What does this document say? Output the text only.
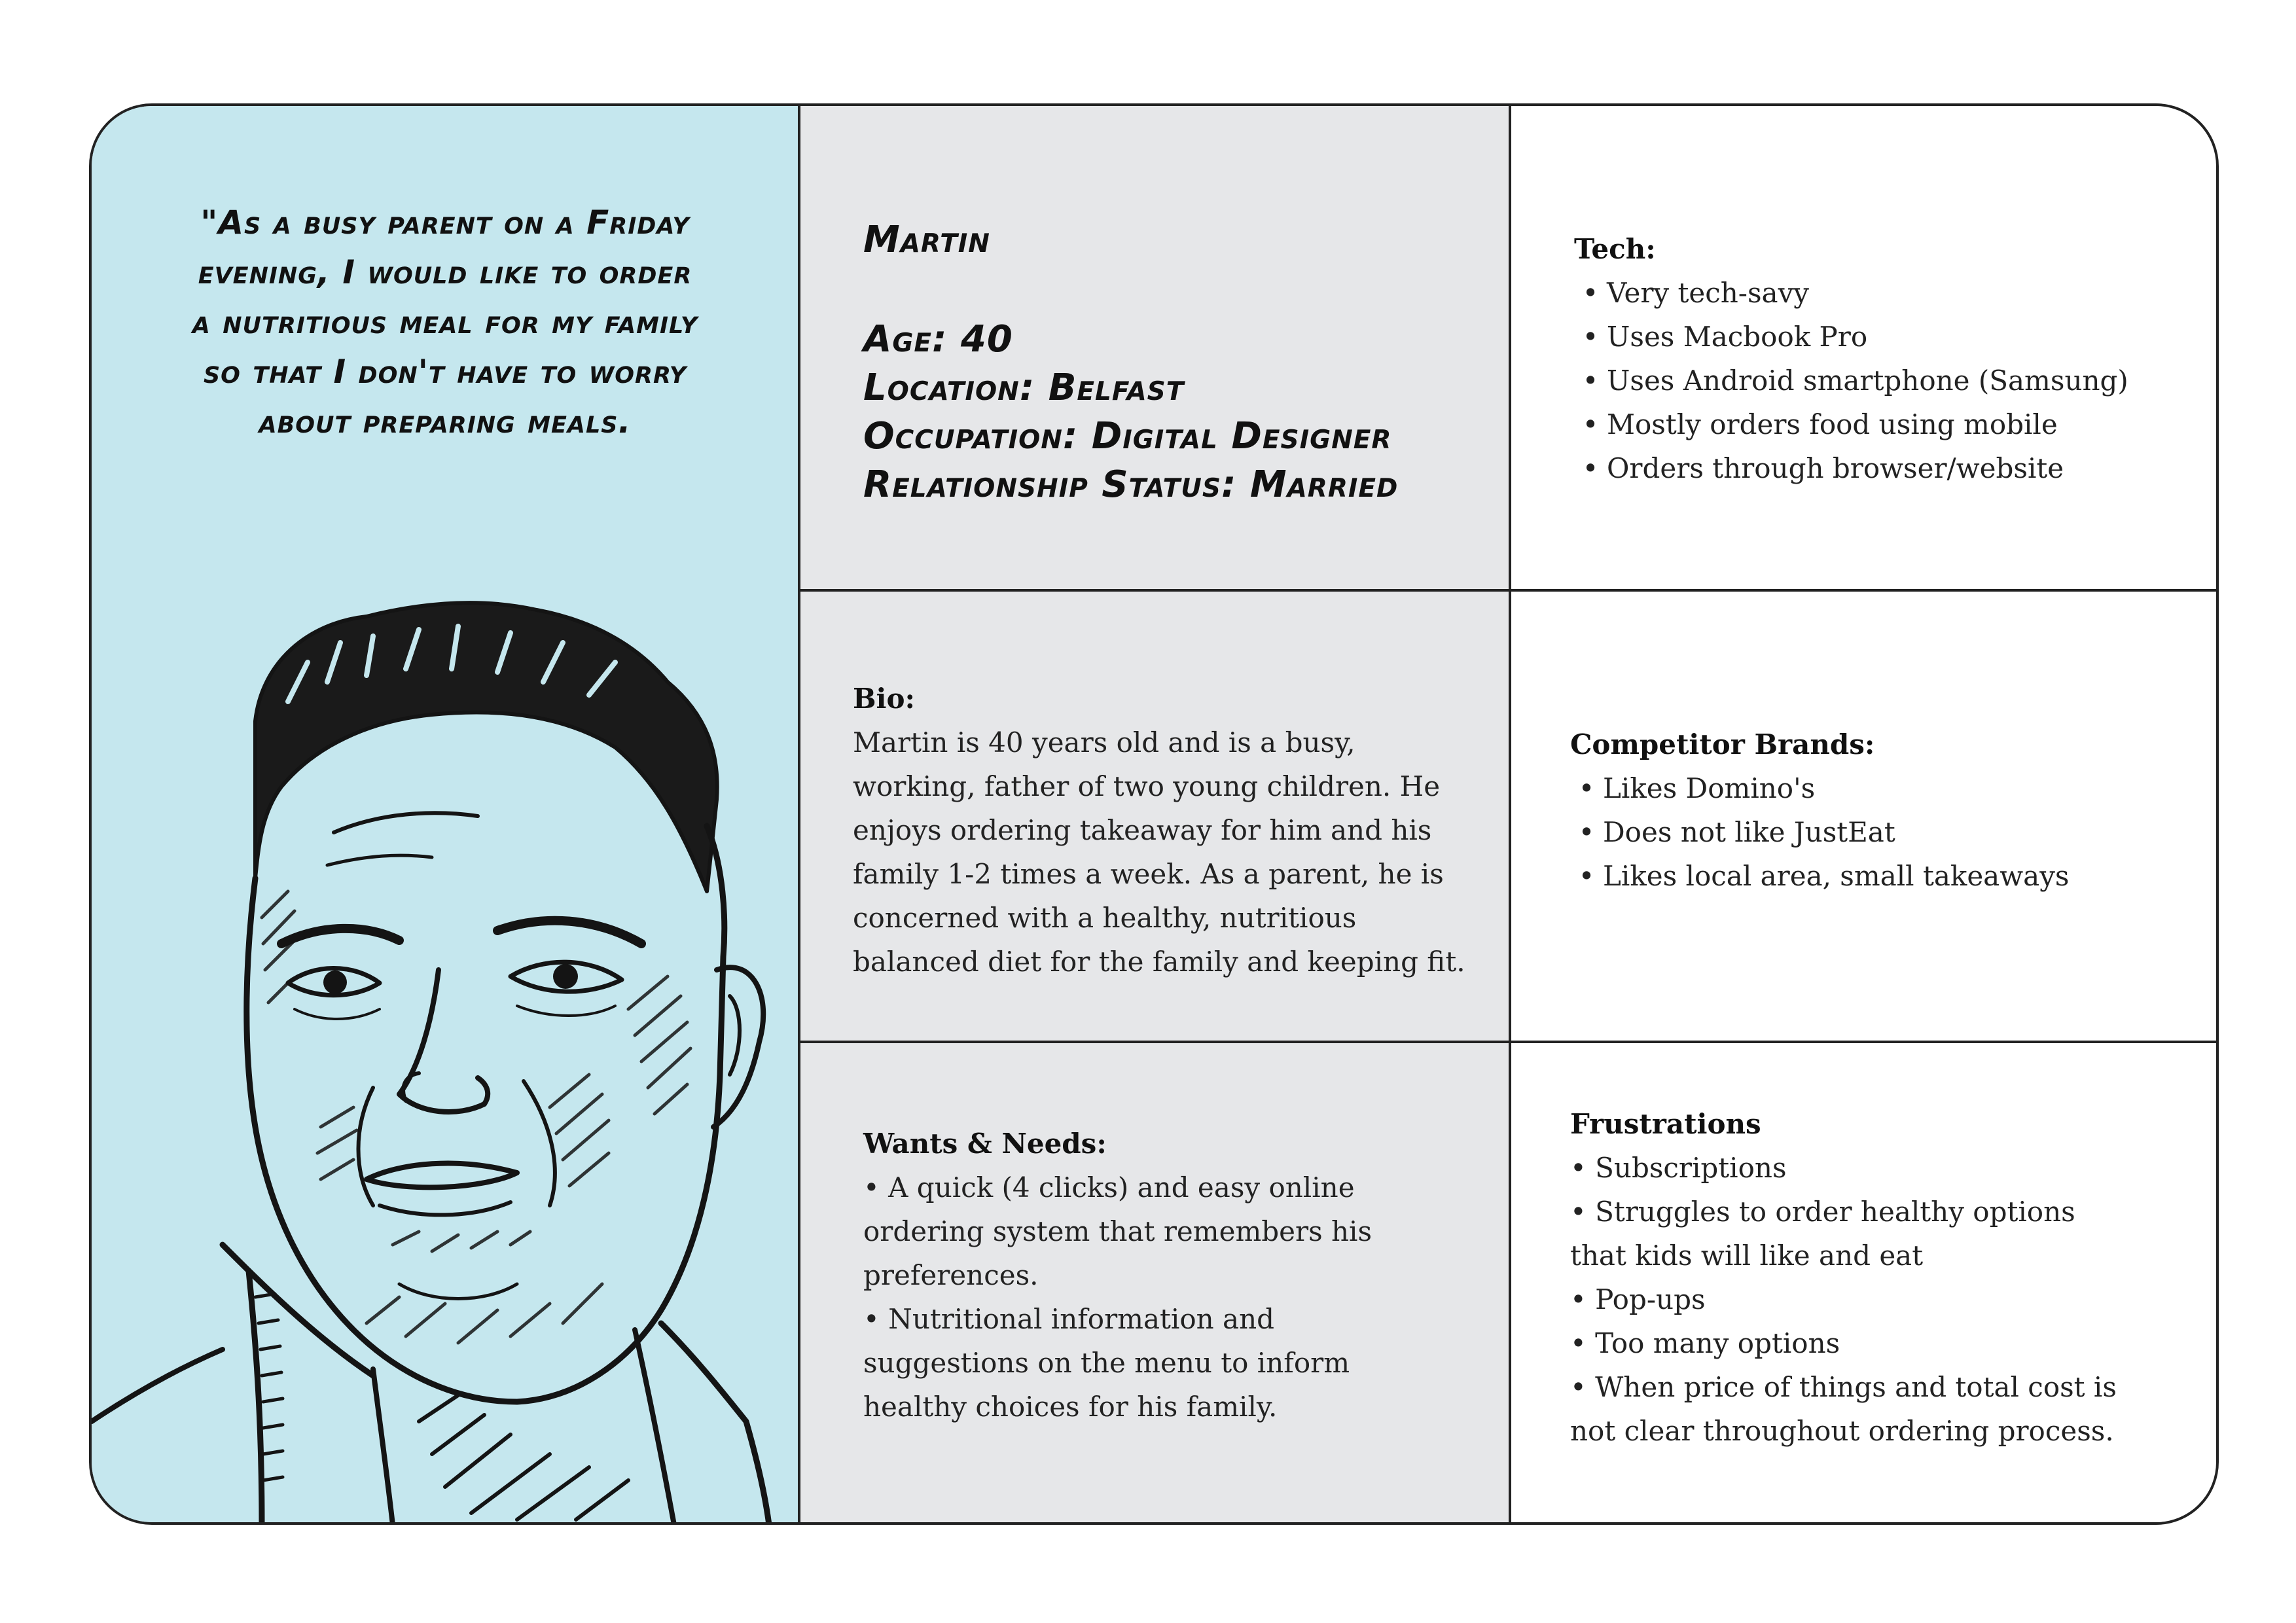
"As a busy parent on a Friday
evening, I would like to order
a nutritious meal for my family
so that I don't have to worry
about preparing meals.
Martin
Age: 40
Location: Belfast
Occupation: Digital Designer
Relationship Status: Married
Bio:
Martin is 40 years old and is a busy,
working, father of two young children. He
enjoys ordering takeaway for him and his
family 1-2 times a week. As a parent, he is
concerned with a healthy, nutritious
balanced diet for the family and keeping fit.
Wants & Needs:
• A quick (4 clicks) and easy online
ordering system that remembers his
preferences.
• Nutritional information and
suggestions on the menu to inform
healthy choices for his family.
Tech:
• Very tech-savy
• Uses Macbook Pro
• Uses Android smartphone (Samsung)
• Mostly orders food using mobile
• Orders through browser/website
Competitor Brands:
• Likes Domino's
• Does not like JustEat
• Likes local area, small takeaways
Frustrations
• Subscriptions
• Struggles to order healthy options
that kids will like and eat
• Pop-ups
• Too many options
• When price of things and total cost is
not clear throughout ordering process.
